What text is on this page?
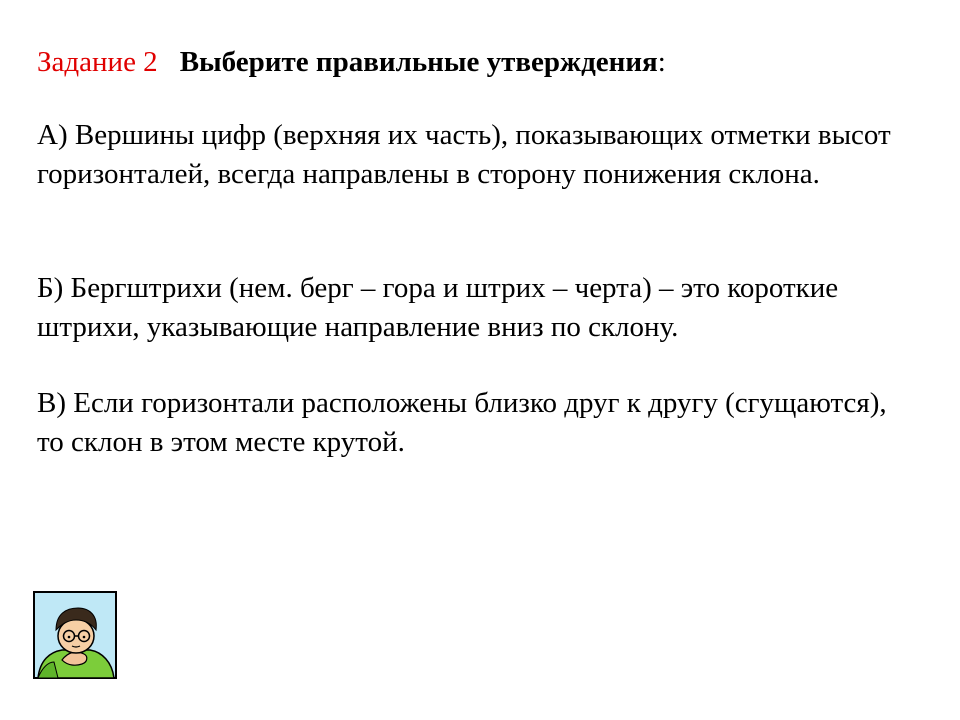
Задание 2 Выберите правильные утверждения:
А) Вершины цифр (верхняя их часть), показывающих отметки высот горизонталей, всегда направлены в сторону понижения склона.
Б) Бергштрихи (нем. берг – гора и штрих – черта) – это короткие штрихи, указывающие направление вниз по склону.
В) Если горизонтали расположены близко друг к другу (сгущаются), то склон в этом месте крутой.
